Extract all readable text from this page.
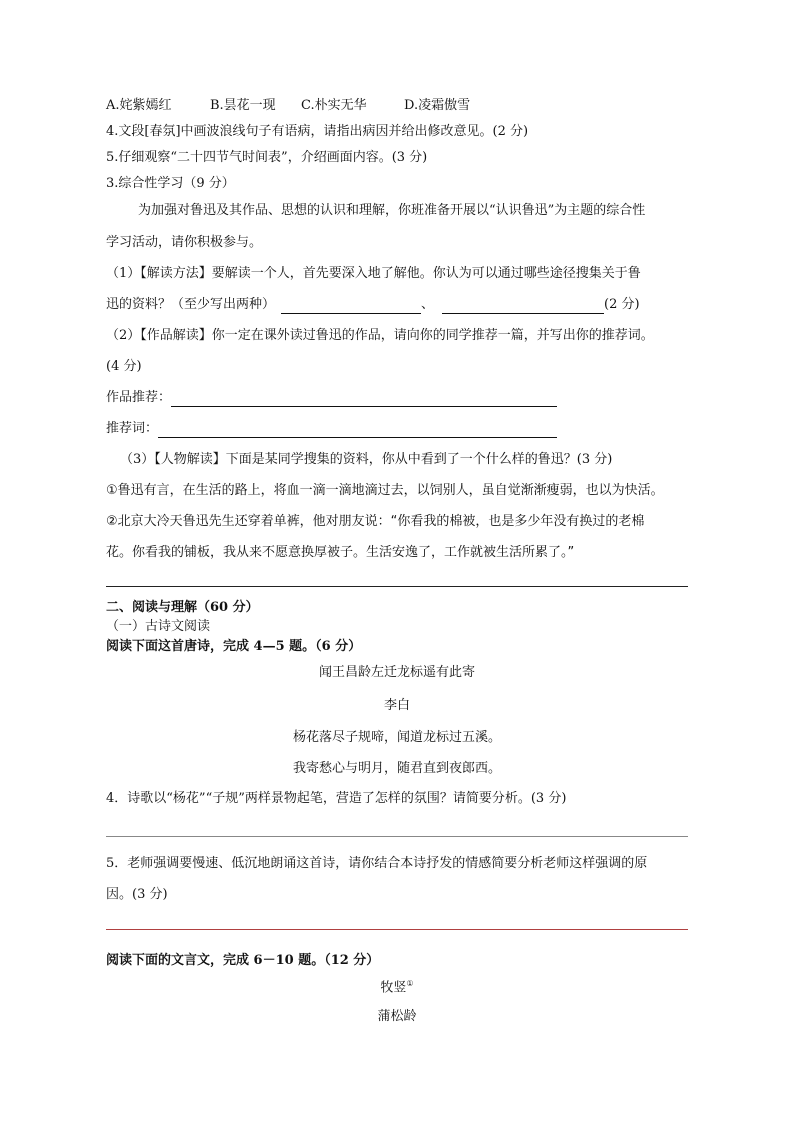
A.姹紫嫣红	B.昙花一现 C.朴实无华	D.凌霜傲雪
4.文段[春氛]中画波浪线句子有语病，请指出病因并给出修改意见。(2 分)
5.仔细观察“二十四节气时间表”，介绍画面内容。(3 分)
3.综合性学习（9 分）
为加强对鲁迅及其作品、思想的认识和理解，你班准备开展以“认识鲁迅”为主题的综合性
学习活动，请你积极参与。
（1）【解读方法】要解读一个人，首先要深入地了解他。你认为可以通过哪些途径搜集关于鲁
迅的资料？（至少写出两种）	、	(2 分)
（2）【作品解读】你一定在课外读过鲁迅的作品，请向你的同学推荐一篇，并写出你的推荐词。
(4 分)
作品推荐：
推荐词：
（3）【人物解读】下面是某同学搜集的资料，你从中看到了一个什么样的鲁迅？(3 分)
①鲁迅有言，在生活的路上，将血一滴一滴地滴过去，以饲别人，虽自觉渐渐瘦弱，也以为快活。
②北京大冷天鲁迅先生还穿着单裤，他对朋友说：“你看我的棉被，也是多少年没有换过的老棉
花。你看我的铺板，我从来不愿意换厚被子。生活安逸了，工作就被生活所累了。”
二、阅读与理解（60 分）
（一）古诗文阅读
阅读下面这首唐诗，完成 4—5 题。（6 分）
闻王昌龄左迁龙标遥有此寄
李白
杨花落尽子规啼，闻道龙标过五溪。
我寄愁心与明月，随君直到夜郎西。
4．诗歌以“杨花”“子规”两样景物起笔，营造了怎样的氛围？请简要分析。(3 分)
5．老师强调要慢速、低沉地朗诵这首诗，请你结合本诗抒发的情感简要分析老师这样强调的原
因。(3 分)
阅读下面的文言文，完成 6－10 题。（12 分）
牧竖①
蒲松龄
